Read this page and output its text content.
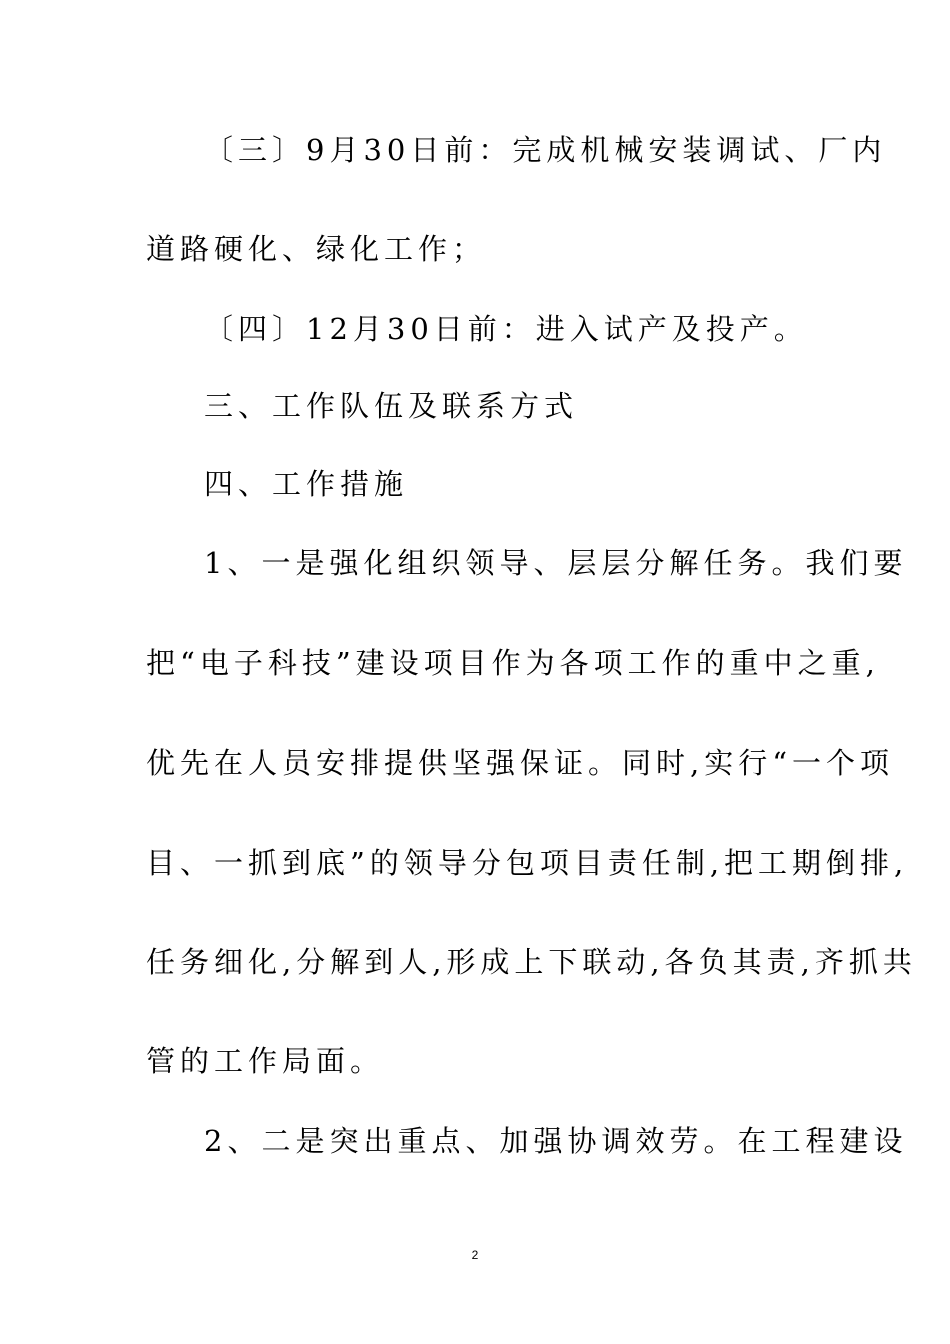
〔三〕9月30日前：完成机械安装调试、厂内

道路硬化、绿化工作；

〔四〕12月30日前：进入试产及投产。

三、工作队伍及联系方式

四、工作措施

1、一是强化组织领导、层层分解任务。我们要

把“电子科技”建设项目作为各项工作的重中之重,

优先在人员安排提供坚强保证。同时,实行“一个项

目、一抓到底”的领导分包项目责任制,把工期倒排,

任务细化,分解到人,形成上下联动,各负其责,齐抓共

管的工作局面。

2、二是突出重点、加强协调效劳。在工程建设

2
